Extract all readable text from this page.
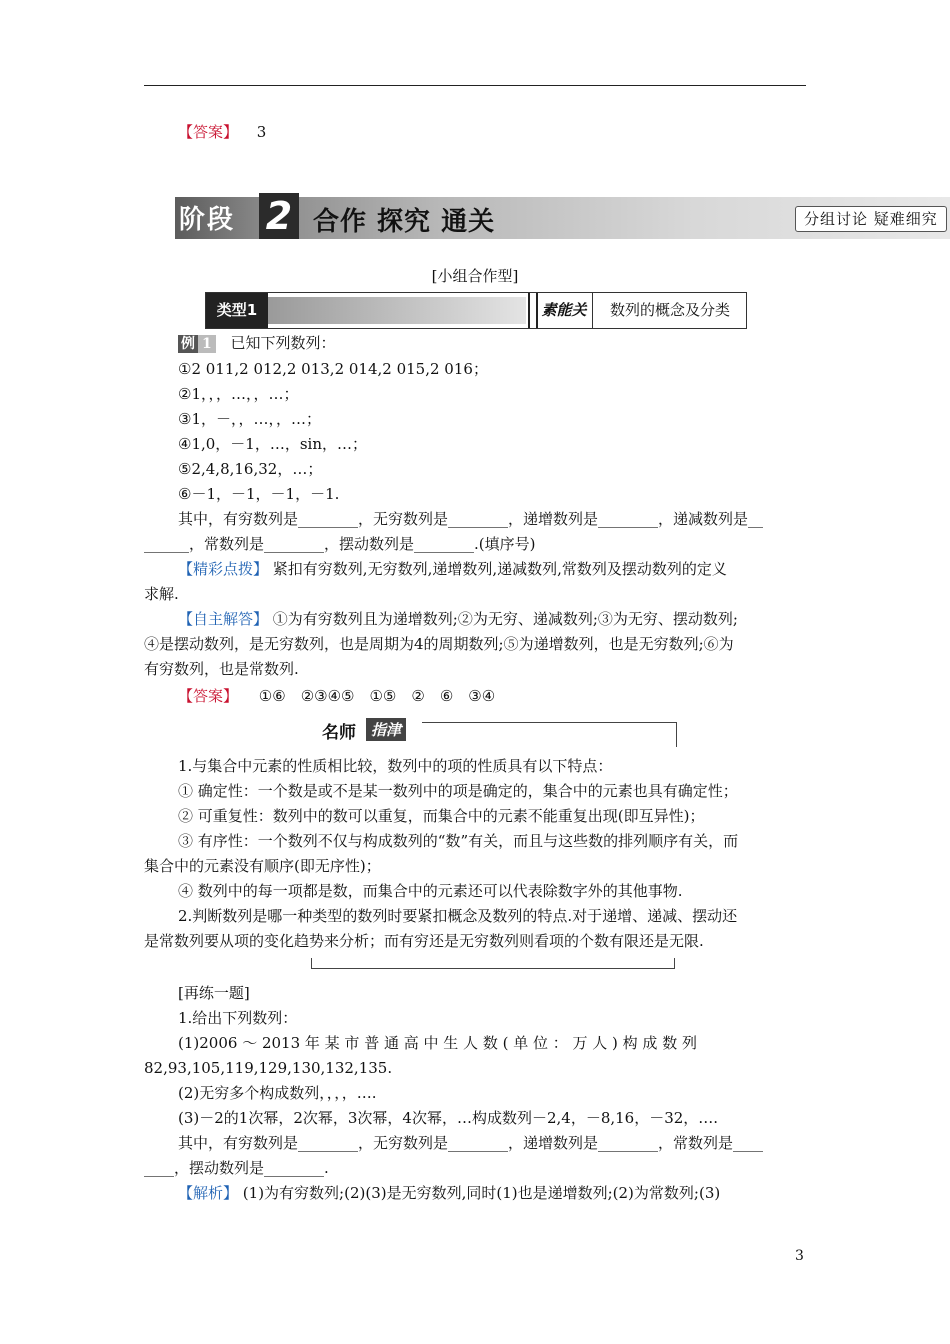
【答案】 3
阶段 2 合作 探究 通关	分组讨论 疑难细究
[小组合作型]
类型1	素能关	数列的概念及分类
例 1 已知下列数列：
①2 011,2 012,2 013,2 014,2 015,2 016；
②1，，，…，，…；
③1，－，，…，，…；
④1,0，－1，…，sin，…；
⑤2,4,8,16,32，…；
⑥－1，－1，－1，－1.
其中，有穷数列是________，无穷数列是________，递增数列是________，递减数列是__
______，常数列是________，摆动数列是________.(填序号)
【精彩点拨】 紧扣有穷数列,无穷数列,递增数列,递减数列,常数列及摆动数列的定义
求解.
【自主解答】 ①为有穷数列且为递增数列;②为无穷、递减数列;③为无穷、摆动数列;
④是摆动数列，是无穷数列，也是周期为4的周期数列;⑤为递增数列，也是无穷数列;⑥为
有穷数列，也是常数列.
【答案】 ①⑥　②③④⑤　①⑤　②　⑥　③④
名师	指津
1.与集合中元素的性质相比较，数列中的项的性质具有以下特点：
① 确定性：一个数是或不是某一数列中的项是确定的，集合中的元素也具有确定性；
② 可重复性：数列中的数可以重复，而集合中的元素不能重复出现(即互异性)；
③ 有序性：一个数列不仅与构成数列的“数”有关，而且与这些数的排列顺序有关，而
集合中的元素没有顺序(即无序性)；
④ 数列中的每一项都是数，而集合中的元素还可以代表除数字外的其他事物.
2.判断数列是哪一种类型的数列时要紧扣概念及数列的特点.对于递增、递减、摆动还
是常数列要从项的变化趋势来分析；而有穷还是无穷数列则看项的个数有限还是无限.
[再练一题]
1.给出下列数列：
(1)2006 ～ 2013 年 某 市 普 通 高 中 生 人 数 ( 单 位 ： 万 人 ) 构 成 数 列
82,93,105,119,129,130,132,135.
(2)无穷多个构成数列，，，，….
(3)－2的1次幂，2次幂，3次幂，4次幂，…构成数列－2,4，－8,16，－32，….
其中，有穷数列是________，无穷数列是________，递增数列是________，常数列是____
____，摆动数列是________.
【解析】 (1)为有穷数列;(2)(3)是无穷数列,同时(1)也是递增数列;(2)为常数列;(3)
3
